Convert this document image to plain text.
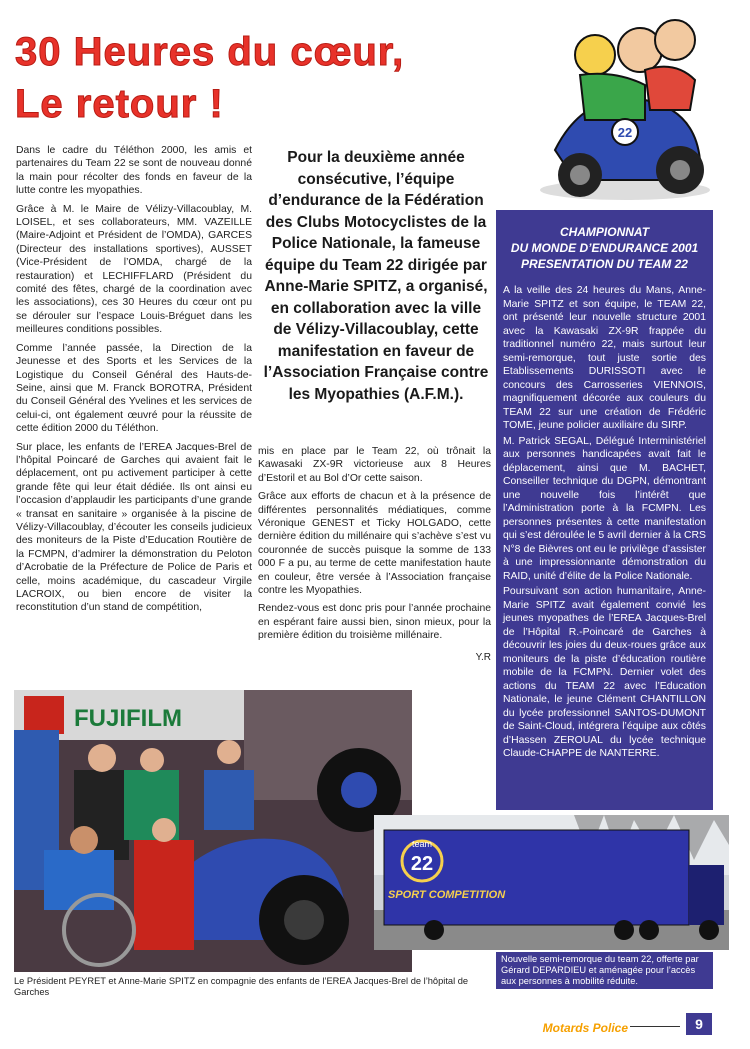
30 Heures du cœur,
Le retour !
22

Dans le cadre du Téléthon 2000, les amis et partenaires du Team 22 se sont de nouveau donné la main pour récolter des fonds en faveur de la lutte contre les myopathies.

Grâce à M. le Maire de Vélizy-Villacoublay, M. LOISEL, et ses collaborateurs, MM. VAZEILLE (Maire-Adjoint et Président de l’OMDA), GARCES (Directeur des installations sportives), AUSSET (Vice-Président de l’OMDA, chargé de la restauration) et LECHIFFLARD (Président du comité des fêtes, chargé de la coordination avec les associations), ces 30 Heures du cœur ont pu se dérouler sur l’espace Louis-Bréguet dans les meilleures conditions possibles.

Comme l’année passée, la Direction de la Jeunesse et des Sports et les Services de la Logistique du Conseil Général des Hauts-de-Seine, ainsi que M. Franck BOROTRA, Président du Conseil Général des Yvelines et les services de celui-ci, ont également œuvré pour la réussite de cette édition 2000 du Téléthon.

Sur place, les enfants de l’EREA Jacques-Brel de l’hôpital Poincaré de Garches qui avaient fait le déplacement, ont pu activement participer à cette grande fête qui leur était dédiée. Ils ont ainsi eu l’occasion d’applaudir les participants d’une grande « transat en sanitaire » organisée à la piscine de Vélizy-Villacoublay, d’écouter les conseils judicieux des moniteurs de la Piste d’Education Routière de la FCMPN, d’admirer la démonstration du Peloton d’Acrobatie de la Préfecture de Police de Paris et celle, moins académique, du cascadeur Virgile LACROIX, ou bien encore de visiter la reconstitution d’un stand de compétition,

Pour la deuxième année consécutive, l’équipe d’endurance de la Fédération des Clubs Motocyclistes de la Police Nationale, la fameuse équipe du Team 22 dirigée par Anne-Marie SPITZ, a organisé, en collaboration avec la ville de Vélizy-Villacoublay, cette manifestation en faveur de l’Association Française contre les Myopathies (A.F.M.).

mis en place par le Team 22, où trônait la Kawasaki ZX-9R victorieuse aux 8 Heures d’Estoril et au Bol d’Or cette saison.

Grâce aux efforts de chacun et à la présence de différentes personnalités médiatiques, comme Véronique GENEST et Ticky HOLGADO, cette dernière édition du millénaire qui s’achève s’est vu couronnée de succès puisque la somme de 133 000 F a pu, au terme de cette manifestation haute en couleur, être versée à l’Association française contre les Myopathies.

Rendez-vous est donc pris pour l’année prochaine en espérant faire aussi bien, sinon mieux, pour la première édition du troisième millénaire.

Y.R
CHAMPIONNAT
DU MONDE D’ENDURANCE 2001
PRESENTATION DU TEAM 22

A la veille des 24 heures du Mans, Anne-Marie SPITZ et son équipe, le TEAM 22, ont présenté leur nouvelle structure 2001 avec la Kawasaki ZX-9R frappée du traditionnel numéro 22, mais surtout leur semi-remorque, tout juste sortie des Etablissements DURISSOTI avec le concours des Carrosseries VIENNOIS, magnifiquement décorée aux couleurs du TEAM 22 sur une création de Frédéric TOME, jeune policier auxiliaire du SIRP.

M. Patrick SEGAL, Délégué Interministériel aux personnes handicapées avait fait le déplacement, ainsi que M. BACHET, Conseiller technique du DGPN, démontrant une nouvelle fois l’intérêt que l’Administration porte à la FCMPN. Les personnes présentes à cette manifestation qui s’est déroulée le 5 avril dernier à la CRS N°8 de Bièvres ont eu le privilège d’assister à une impressionnante démonstration du RAID, unité d’élite de la Police Nationale.

Poursuivant son action humanitaire, Anne-Marie SPITZ avait également convié les jeunes myopathes de l’EREA Jacques-Brel de l’Hôpital R.-Poincaré de Garches à découvrir les joies du deux-roues grâce aux moniteurs de la piste d’éducation routière mobile de la FCMPN. Dernier volet des actions du TEAM 22 avec l’Education Nationale, le jeune Clément CHANTILLON du lycée professionnel SANTOS-DUMONT de Saint-Cloud, intégrera l’équipe aux côtés d’Hassen ZEROUAL du lycée technique Claude-CHAPPE de NANTERRE.

FUJIFILM
Le Président PEYRET et Anne-Marie SPITZ en compagnie des enfants de l’EREA Jacques-Brel de l’hôpital de Garches
team
22
SPORT COMPETITION
Nouvelle semi-remorque du team 22, offerte par Gérard DEPARDIEU et aménagée pour l’accès aux personnes à mobilité réduite.
Motards Police	9
